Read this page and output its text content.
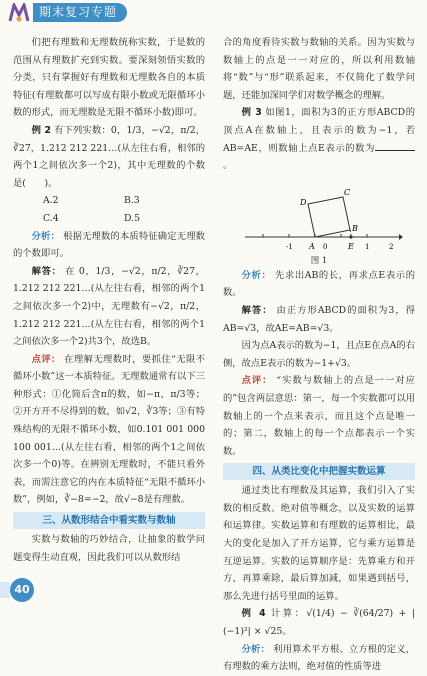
期末复习专题

们把有理数和无理数统称实数，于是数的范围从有理数扩充到实数。要深刻领悟实数的分类，只有掌握好有理数和无理数各自的本质特征(有理数都可以写成有限小数或无限循环小数的形式，而无理数是无限不循环小数)即可。

例 2 有下列实数：0，1/3，−√2，π/2，∛27，1.212 212 221…(从左往右看，相邻的两个1之间依次多一个2)，其中无理数的个数是(　　)。

A.2	B.3
C.4	D.5

分析： 根据无理数的本质特征确定无理数的个数即可。

解答： 在 0，1/3，−√2，π/2，∛27，1.212 212 221…(从左往右看，相邻的两个1之间依次多一个2)中，无理数有−√2，π/2，1.212 212 221…(从左往右看，相邻的两个1之间依次多一个2)共3个，故选B。

点评： 在理解无理数时，要抓住“无限不循环小数”这一本质特征。无理数通常有以下三种形式：①化简后含π的数，如−π，π/3等；②开方开不尽得到的数，如√2，∛3等；③有特殊结构的无限不循环小数，如0.101 001 000 100 001…(从左往右看，相邻的两个1之间依次多一个0)等。在辨别无理数时，不能只看外表，而需注意它的内在本质特征“无限不循环小数”，例如，∛−8=−2，故√−8是有理数。

三、从数形结合中看实数与数轴

实数与数轴的巧妙结合，让抽象的数学问题变得生动直观，因此我们可以从数形结

合的角度看待实数与数轴的关系。因为实数与数轴上的点是一一对应的，所以利用数轴将“数”与“形”联系起来，不仅简化了数学问题，还能加深同学们对数学概念的理解。

例 3 如图1，面积为3的正方形ABCD的顶点A在数轴上，且表示的数为−1，若AB=AE，则数轴上点E表示的数为。

A
B
C
D
E
-1	0	1	2
图 1

分析： 先求出AB的长，再求点E表示的数。

解答： 由正方形ABCD的面积为3，得AB=√3，故AE=AB=√3。

因为点A表示的数为−1，且点E在点A的右侧，故点E表示的数为−1+√3。

点评： “实数与数轴上的点是一一对应的”包含两层意思：第一，每一个实数都可以用数轴上的一个点来表示，而且这个点是唯一的；第二，数轴上的每一个点都表示一个实数。

四、从类比变化中把握实数运算

通过类比有理数及其运算，我们引入了实数的相反数、绝对值等概念，以及实数的运算和运算律。实数运算和有理数的运算相比，最大的变化是加入了开方运算，它与乘方运算是互逆运算。实数的运算顺序是：先算乘方和开方，再算乘除，最后算加减，如果遇到括号，那么先进行括号里面的运算。

例 4 计算：√(1/4) − ∛(64/27) + |(−1)²| × √25。

分析： 利用算术平方根、立方根的定义，有理数的乘方法则，绝对值的性质等进

40
